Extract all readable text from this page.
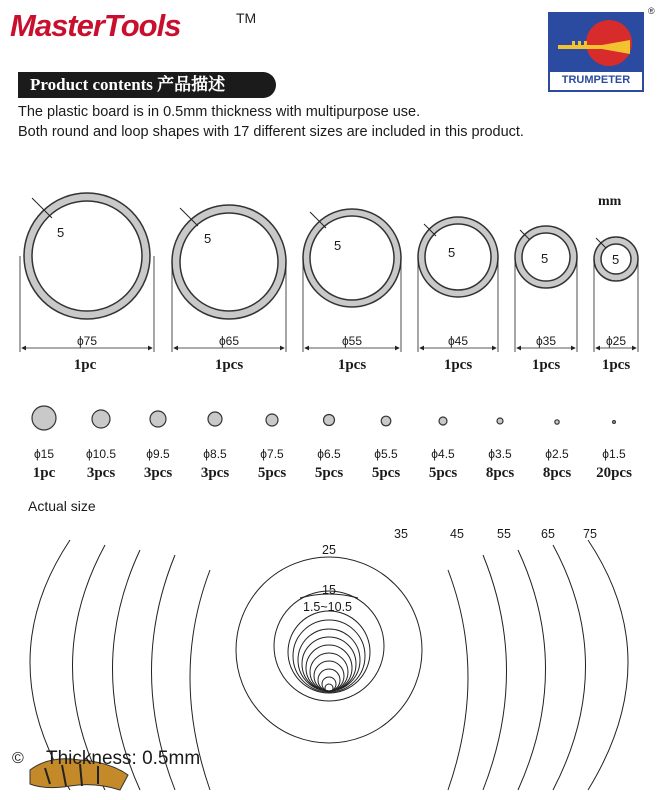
MasterTools	TM
TRUMPETER
®
Product contents 产品描述
The plastic board is in 0.5mm thickness with multipurpose use.
Both round and loop shapes with 17 different sizes are included in this product.
mm
5	5	5	5	5	5
ϕ75	ϕ65	ϕ55	ϕ45	ϕ35	ϕ25
1pc	1pcs	1pcs	1pcs	1pcs	1pcs
ϕ15	ϕ10.5	ϕ9.5	ϕ8.5	ϕ7.5	ϕ6.5	ϕ5.5	ϕ4.5	ϕ3.5	ϕ2.5	ϕ1.5
1pc	3pcs	3pcs	3pcs	5pcs	5pcs	5pcs	5pcs	8pcs	8pcs	20pcs
Actual size
25
35	45	55 65 75
15
1.5~10.5
Thickness: 0.5mm
©
